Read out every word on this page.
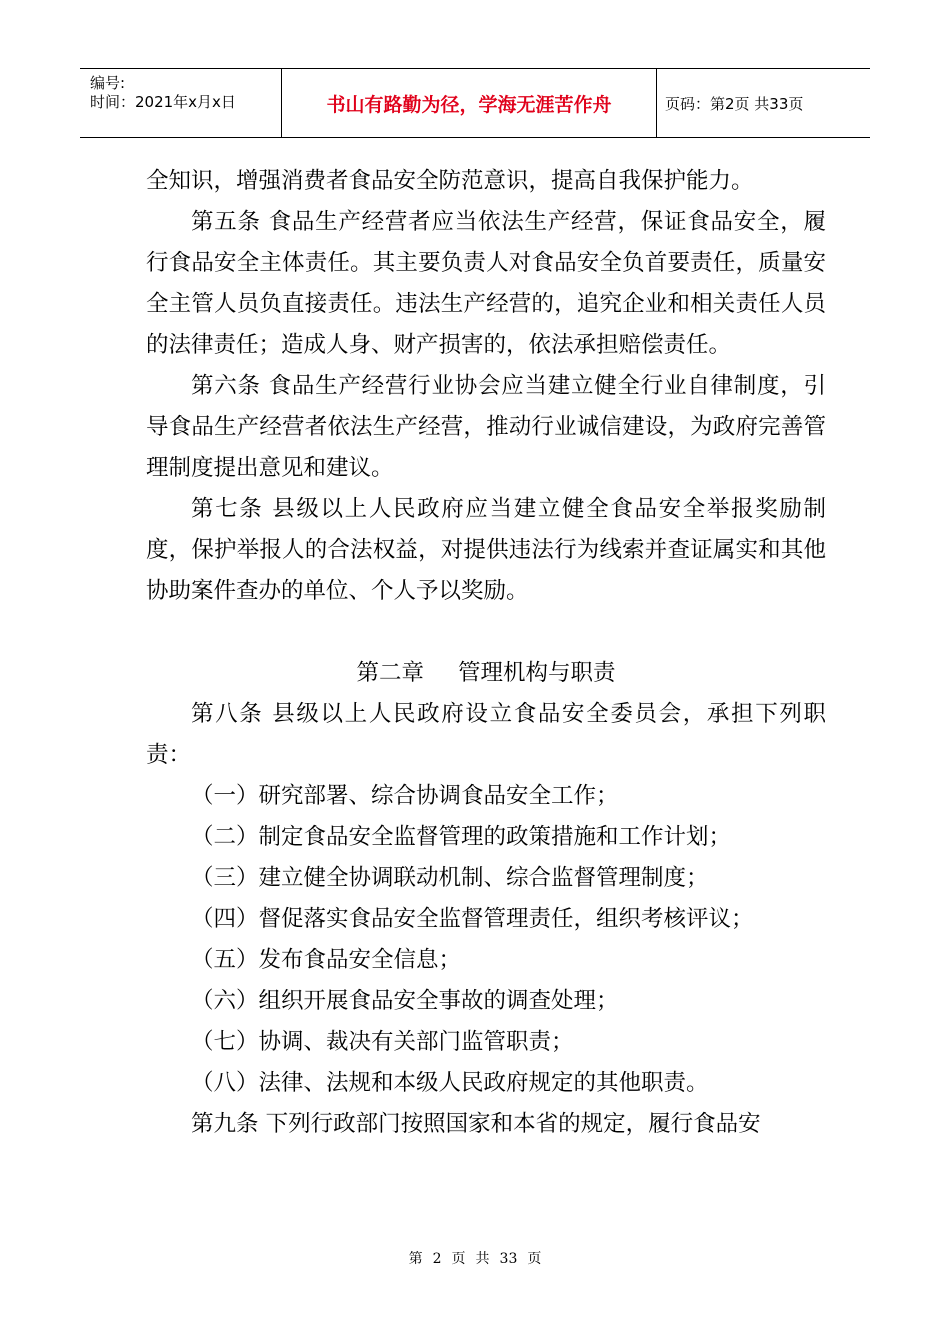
编号:
时间：2021年x月x日	书山有路勤为径，学海无涯苦作舟	页码：第2页 共33页

全知识，增强消费者食品安全防范意识，提高自我保护能力。

第五条 食品生产经营者应当依法生产经营，保证食品安全，履行食品安全主体责任。其主要负责人对食品安全负首要责任，质量安全主管人员负直接责任。违法生产经营的，追究企业和相关责任人员的法律责任；造成人身、财产损害的，依法承担赔偿责任。

第六条 食品生产经营行业协会应当建立健全行业自律制度，引导食品生产经营者依法生产经营，推动行业诚信建设，为政府完善管理制度提出意见和建议。

第七条 县级以上人民政府应当建立健全食品安全举报奖励制度，保护举报人的合法权益，对提供违法行为线索并查证属实和其他协助案件查办的单位、个人予以奖励。

第二章 管理机构与职责

第八条 县级以上人民政府设立食品安全委员会，承担下列职责：

（一）研究部署、综合协调食品安全工作；

（二）制定食品安全监督管理的政策措施和工作计划；

（三）建立健全协调联动机制、综合监督管理制度；

（四）督促落实食品安全监督管理责任，组织考核评议；

（五）发布食品安全信息；

（六）组织开展食品安全事故的调查处理；

（七）协调、裁决有关部门监管职责；

（八）法律、法规和本级人民政府规定的其他职责。

第九条 下列行政部门按照国家和本省的规定，履行食品安

第 2 页 共 33 页
